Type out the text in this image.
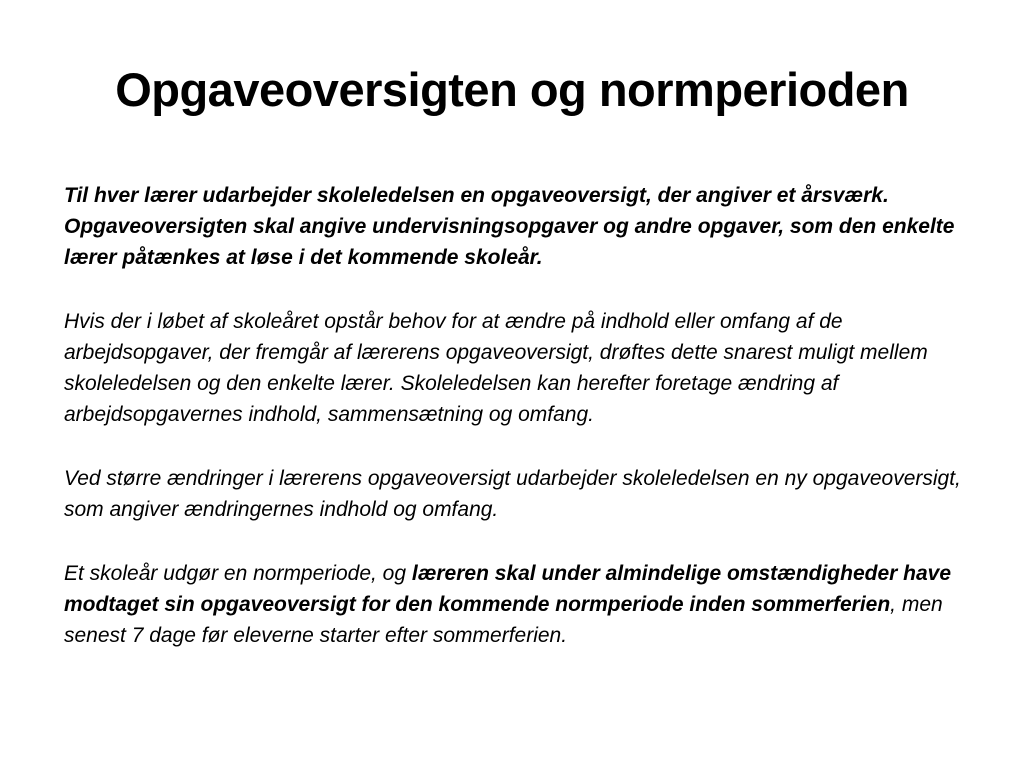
Opgaveoversigten og normperioden

Til hver lærer udarbejder skoleledelsen en opgaveoversigt, der angiver et årsværk. Opgaveoversigten skal angive undervisningsopgaver og andre opgaver, som den enkelte lærer påtænkes at løse i det kommende skoleår.

Hvis der i løbet af skoleåret opstår behov for at ændre på indhold eller omfang af de arbejdsopgaver, der fremgår af lærerens opgaveoversigt, drøftes dette snarest muligt mellem skoleledelsen og den enkelte lærer. Skoleledelsen kan herefter foretage ændring af arbejdsopgavernes indhold, sammensætning og omfang.

Ved større ændringer i lærerens opgaveoversigt udarbejder skoleledelsen en ny opgaveoversigt, som angiver ændringernes indhold og omfang.

Et skoleår udgør en normperiode, og læreren skal under almindelige omstændigheder have modtaget sin opgaveoversigt for den kommende normperiode inden sommerferien, men senest 7 dage før eleverne starter efter sommerferien.
